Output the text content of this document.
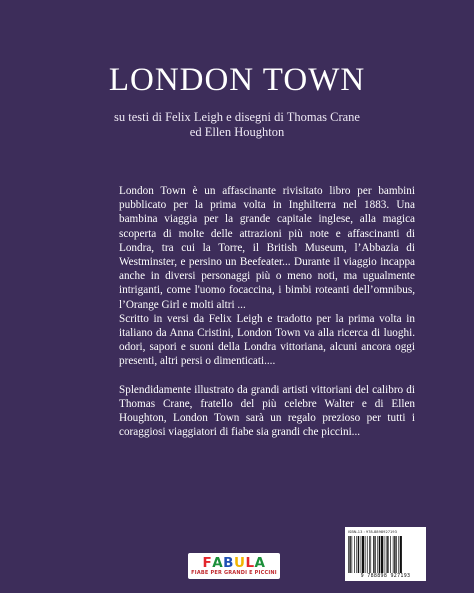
LONDON TOWN
su testi di Felix Leigh e disegni di Thomas Crane
ed Ellen Houghton

London Town è un affascinante rivisitato libro per bambini pubblicato per la prima volta in Inghilterra nel 1883. Una bambina viaggia per la grande capitale inglese, alla magica scoperta di molte delle attrazioni più note e affascinanti di Londra, tra cui la Torre, il British Museum, l’Abbazia di Westminster, e persino un Beefeater... Durante il viaggio incappa anche in diversi personaggi più o meno noti, ma ugualmente intriganti, come l'uomo focaccina, i bimbi roteanti dell’omnibus, l’Orange Girl e molti altri ...

Scritto in versi da Felix Leigh e tradotto per la prima volta in italiano da Anna Cristini, London Town va alla ricerca di luoghi. odori, sapori e suoni della Londra vittoriana, alcuni ancora oggi presenti, altri persi o dimenticati....

Splendidamente illustrato da grandi artisti vittoriani del calibro di Thomas Crane, fratello del più celebre Walter e di Ellen Houghton, London Town sarà un regalo prezioso per tutti i coraggiosi viaggiatori di fiabe sia grandi che piccini...

F A B U L A
FIABE PER GRANDI E PICCINI
ISBN-13 : 978-8898927193
9 788898 927193
